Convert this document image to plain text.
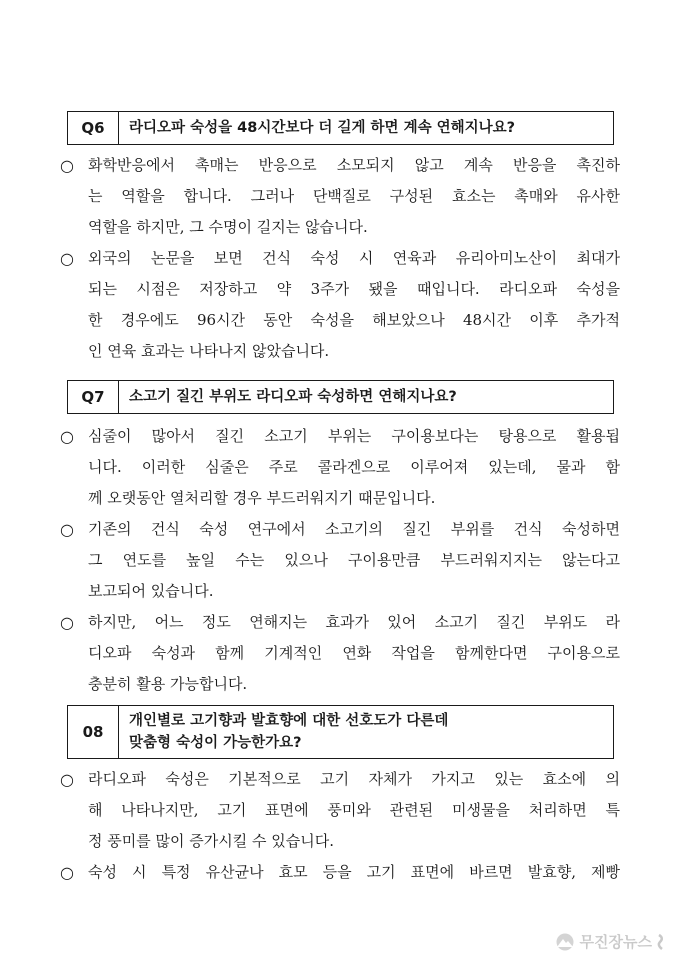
Q6	라디오파 숙성을 48시간보다 더 길게 하면 계속 연해지나요?
○ 화학반응에서 촉매는 반응으로 소모되지 않고 계속 반응을 촉진하
는 역할을 합니다. 그러나 단백질로 구성된 효소는 촉매와 유사한
역할을 하지만, 그 수명이 길지는 않습니다.
○ 외국의 논문을 보면 건식 숙성 시 연육과 유리아미노산이 최대가
되는 시점은 저장하고 약 3주가 됐을 때입니다. 라디오파 숙성을
한 경우에도 96시간 동안 숙성을 해보았으나 48시간 이후 추가적
인 연육 효과는 나타나지 않았습니다.
Q7	소고기 질긴 부위도 라디오파 숙성하면 연해지나요?
○ 심줄이 많아서 질긴 소고기 부위는 구이용보다는 탕용으로 활용됩
니다. 이러한 심줄은 주로 콜라겐으로 이루어져 있는데, 물과 함
께 오랫동안 열처리할 경우 부드러워지기 때문입니다.
○ 기존의 건식 숙성 연구에서 소고기의 질긴 부위를 건식 숙성하면
그 연도를 높일 수는 있으나 구이용만큼 부드러워지지는 않는다고
보고되어 있습니다.
○ 하지만, 어느 정도 연해지는 효과가 있어 소고기 질긴 부위도 라
디오파 숙성과 함께 기계적인 연화 작업을 함께한다면 구이용으로
충분히 활용 가능합니다.
08
개인별로 고기향과 발효향에 대한 선호도가 다른데
맞춤형 숙성이 가능한가요?
○ 라디오파 숙성은 기본적으로 고기 자체가 가지고 있는 효소에 의
해 나타나지만, 고기 표면에 풍미와 관련된 미생물을 처리하면 특
정 풍미를 많이 증가시킬 수 있습니다.
○ 숙성 시 특정 유산균나 효모 등을 고기 표면에 바르면 발효향, 제빵
무진장뉴스
